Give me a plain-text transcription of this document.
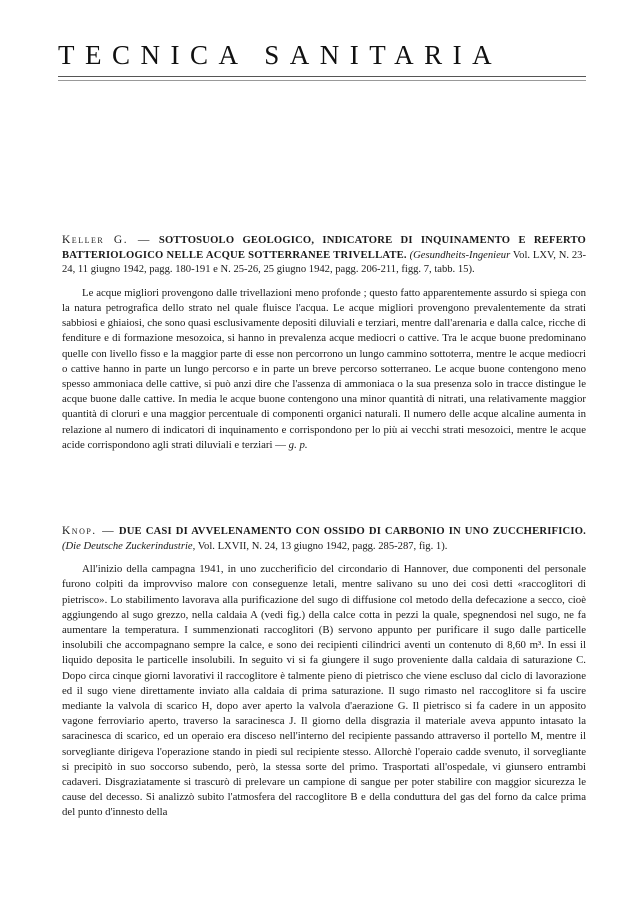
TECNICA SANITARIA

Keller G. — SOTTOSUOLO GEOLOGICO, INDICATORE DI INQUINAMENTO E REFERTO BATTERIOLOGICO NELLE ACQUE SOTTERRANEE TRIVELLATE. (Gesundheits-Ingenieur Vol. LXV, N. 23-24, 11 giugno 1942, pagg. 180-191 e N. 25-26, 25 giugno 1942, pagg. 206-211, figg. 7, tabb. 15).

Le acque migliori provengono dalle trivellazioni meno profonde ; questo fatto apparentemente assurdo si spiega con la natura petrografica dello strato nel quale fluisce l'acqua. Le acque migliori provengono prevalentemente da strati sabbiosi e ghiaiosi, che sono quasi esclusivamente depositi diluviali e terziari, mentre dall'arenaria e dalla calce, ricche di fenditure e di formazione mesozoica, si hanno in prevalenza acque mediocri o cattive. Tra le acque buone predominano quelle con livello fisso e la maggior parte di esse non percorrono un lungo cammino sottoterra, mentre le acque mediocri o cattive hanno in parte un lungo percorso e in parte un breve percorso sotterraneo. Le acque buone contengono meno spesso ammoniaca delle cattive, si può anzi dire che l'assenza di ammoniaca o la sua presenza solo in tracce distingue le acque buone dalle cattive. In media le acque buone contengono una minor quantità di nitrati, una relativamente maggior quantità di cloruri e una maggior percentuale di componenti organici naturali. Il numero delle acque alcaline aumenta in relazione al numero di indicatori di inquinamento e corrispondono per lo più ai vecchi strati mesozoici, mentre le acque acide corrispondono agli strati diluviali e terziari — g. p.

Knop. — DUE CASI DI AVVELENAMENTO CON OSSIDO DI CARBONIO IN UNO ZUCCHERIFICIO. (Die Deutsche Zuckerindustrie, Vol. LXVII, N. 24, 13 giugno 1942, pagg. 285-287, fig. 1).

All'inizio della campagna 1941, in uno zuccherificio del circondario di Hannover, due componenti del personale furono colpiti da improvviso malore con conseguenze letali, mentre salivano su uno dei così detti «raccoglitori di pietrisco». Lo stabilimento lavorava alla purificazione del sugo di diffusione col metodo della defecazione a secco, cioè aggiungendo al sugo grezzo, nella caldaia A (vedi fig.) della calce cotta in pezzi la quale, spegnendosi nel sugo, ne fa aumentare la temperatura. I summenzionati raccoglitori (B) servono appunto per purificare il sugo dalle particelle insolubili che accompagnano sempre la calce, e sono dei recipienti cilindrici aventi un contenuto di 8,60 m³. In essi il liquido deposita le particelle insolubili. In seguito vi si fa giungere il sugo proveniente dalla caldaia di saturazione C. Dopo circa cinque giorni lavorativi il raccoglitore è talmente pieno di pietrisco che viene escluso dal ciclo di lavorazione ed il sugo viene direttamente inviato alla caldaia di prima saturazione. Il sugo rimasto nel raccoglitore si fa uscire mediante la valvola di scarico H, dopo aver aperto la valvola d'aerazione G. Il pietrisco si fa cadere in un apposito vagone ferroviario aperto, traverso la saracinesca J. Il giorno della disgrazia il materiale aveva appunto intasato la saracinesca di scarico, ed un operaio era disceso nell'interno del recipiente passando attraverso il portello M, mentre il sorvegliante dirigeva l'operazione stando in piedi sul recipiente stesso. Allorchè l'operaio cadde svenuto, il sorvegliante si precipitò in suo soccorso subendo, però, la stessa sorte del primo. Trasportati all'ospedale, vi giunsero entrambi cadaveri. Disgraziatamente si trascurò di prelevare un campione di sangue per poter stabilire con maggior sicurezza le cause del decesso. Si analizzò subito l'atmosfera del raccoglitore B e della conduttura del gas del forno da calce prima del punto d'innesto della
